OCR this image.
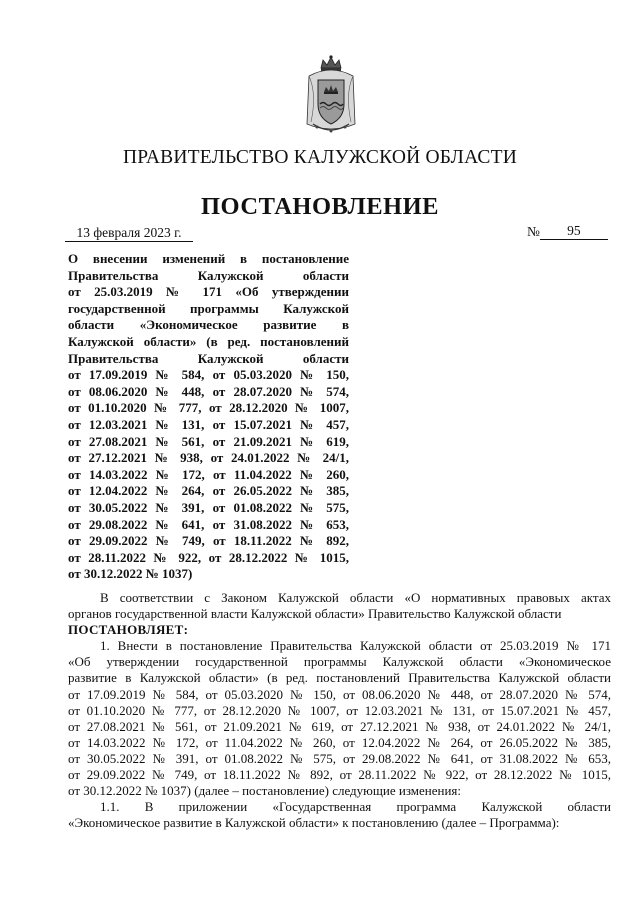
ПРАВИТЕЛЬСТВО КАЛУЖСКОЙ ОБЛАСТИ
ПОСТАНОВЛЕНИЕ
13 февраля 2023 г.	№ 95
О внесении изменений в постановление
Правительства Калужской области
от 25.03.2019 № 171 «Об утверждении
государственной программы Калужской
области «Экономическое развитие в
Калужской области» (в ред. постановлений
Правительства Калужской области
от 17.09.2019 № 584, от 05.03.2020 № 150,
от 08.06.2020 № 448, от 28.07.2020 № 574,
от 01.10.2020 № 777, от 28.12.2020 № 1007,
от 12.03.2021 № 131, от 15.07.2021 № 457,
от 27.08.2021 № 561, от 21.09.2021 № 619,
от 27.12.2021 № 938, от 24.01.2022 № 24/1,
от 14.03.2022 № 172, от 11.04.2022 № 260,
от 12.04.2022 № 264, от 26.05.2022 № 385,
от 30.05.2022 № 391, от 01.08.2022 № 575,
от 29.08.2022 № 641, от 31.08.2022 № 653,
от 29.09.2022 № 749, от 18.11.2022 № 892,
от 28.11.2022 № 922, от 28.12.2022 № 1015,
от 30.12.2022 № 1037)
В соответствии с Законом Калужской области «О нормативных правовых актах
органов государственной власти Калужской области» Правительство Калужской области
ПОСТАНОВЛЯЕТ:
1. Внести в постановление Правительства Калужской области от 25.03.2019 № 171
«Об утверждении государственной программы Калужской области «Экономическое
развитие в Калужской области» (в ред. постановлений Правительства Калужской области
от 17.09.2019 № 584, от 05.03.2020 № 150, от 08.06.2020 № 448, от 28.07.2020 № 574,
от 01.10.2020 № 777, от 28.12.2020 № 1007, от 12.03.2021 № 131, от 15.07.2021 № 457,
от 27.08.2021 № 561, от 21.09.2021 № 619, от 27.12.2021 № 938, от 24.01.2022 № 24/1,
от 14.03.2022 № 172, от 11.04.2022 № 260, от 12.04.2022 № 264, от 26.05.2022 № 385,
от 30.05.2022 № 391, от 01.08.2022 № 575, от 29.08.2022 № 641, от 31.08.2022 № 653,
от 29.09.2022 № 749, от 18.11.2022 № 892, от 28.11.2022 № 922, от 28.12.2022 № 1015,
от 30.12.2022 № 1037) (далее – постановление) следующие изменения:
1.1. В приложении «Государственная программа Калужской области
«Экономическое развитие в Калужской области» к постановлению (далее – Программа):
